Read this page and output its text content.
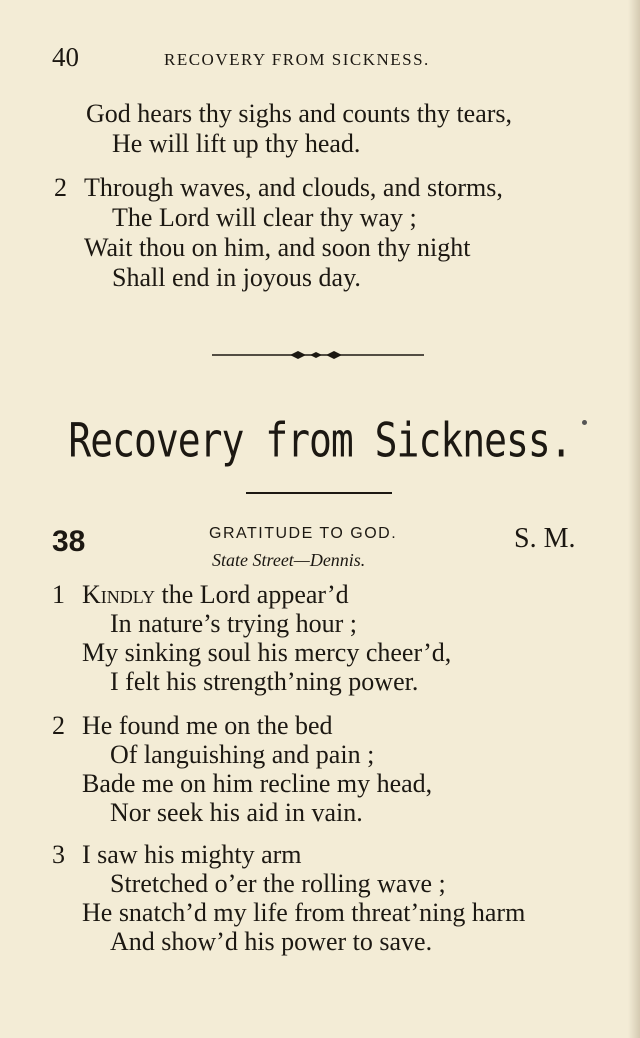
40	RECOVERY FROM SICKNESS.
God hears thy sighs and counts thy tears,
He will lift up thy head.
2 Through waves, and clouds, and storms,
The Lord will clear thy way ;
Wait thou on him, and soon thy night
Shall end in joyous day.
Recovery from Sickness.
38	GRATITUDE TO GOD.
State Street—Dennis.
S. M.
1 Kindly the Lord appear’d
In nature’s trying hour ;
My sinking soul his mercy cheer’d,
I felt his strength’ning power.
2 He found me on the bed
Of languishing and pain ;
Bade me on him recline my head,
Nor seek his aid in vain.
3 I saw his mighty arm
Stretched o’er the rolling wave ;
He snatch’d my life from threat’ning harm
And show’d his power to save.
